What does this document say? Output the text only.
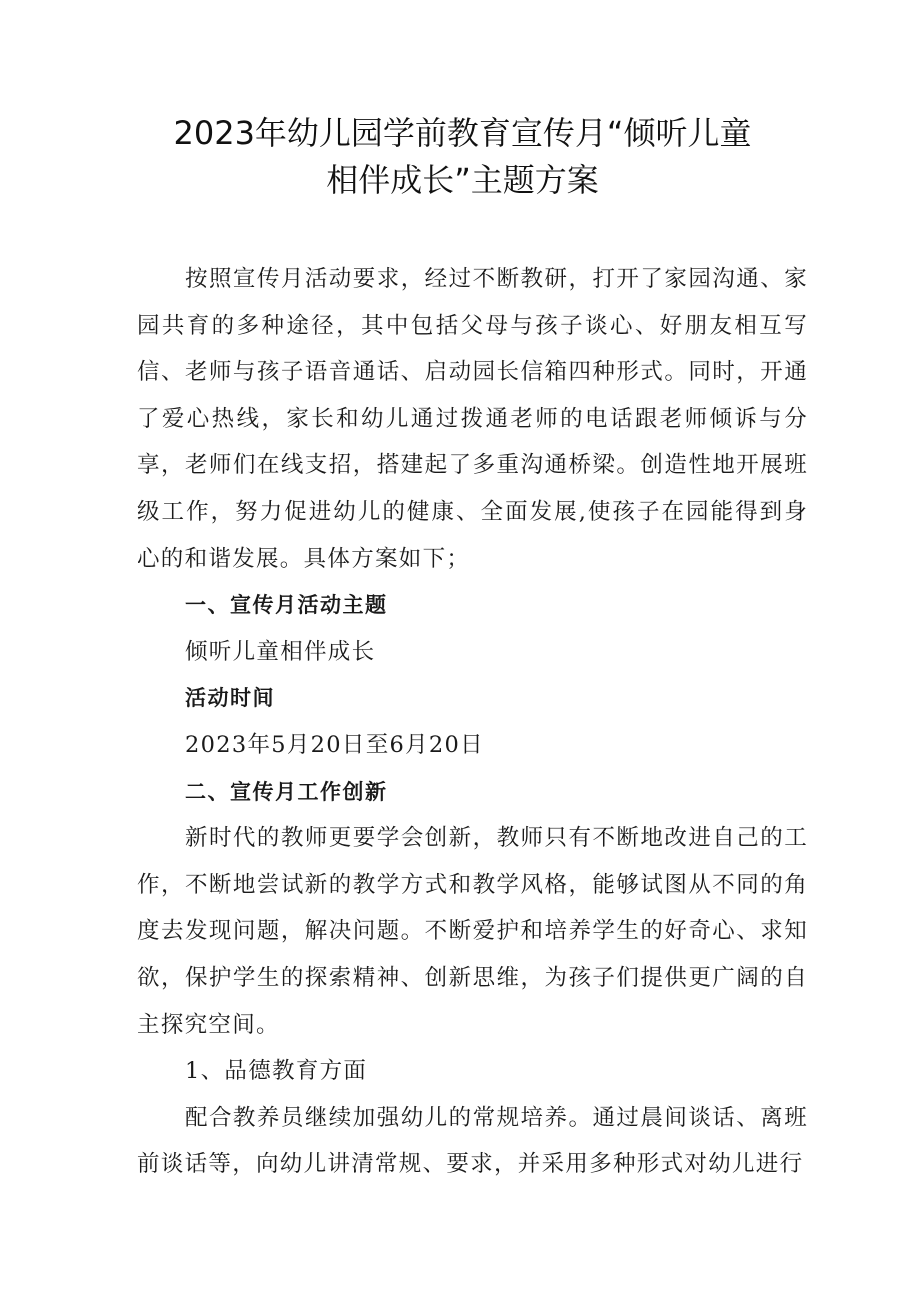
2023年幼儿园学前教育宣传月“倾听儿童
相伴成长”主题方案

按照宣传月活动要求，经过不断教研，打开了家园沟通、家园共育的多种途径，其中包括父母与孩子谈心、好朋友相互写信、老师与孩子语音通话、启动园长信箱四种形式。同时，开通了爱心热线，家长和幼儿通过拨通老师的电话跟老师倾诉与分享，老师们在线支招，搭建起了多重沟通桥梁。创造性地开展班级工作，努力促进幼儿的健康、全面发展,使孩子在园能得到身心的和谐发展。具体方案如下；

一、宣传月活动主题

倾听儿童相伴成长

活动时间

2023年5月20日至6月20日

二、宣传月工作创新

新时代的教师更要学会创新，教师只有不断地改进自己的工作，不断地尝试新的教学方式和教学风格，能够试图从不同的角度去发现问题，解决问题。不断爱护和培养学生的好奇心、求知欲，保护学生的探索精神、创新思维，为孩子们提供更广阔的自主探究空间。

1、品德教育方面

配合教养员继续加强幼儿的常规培养。通过晨间谈话、离班前谈话等，向幼儿讲清常规、要求，并采用多种形式对幼儿进行
